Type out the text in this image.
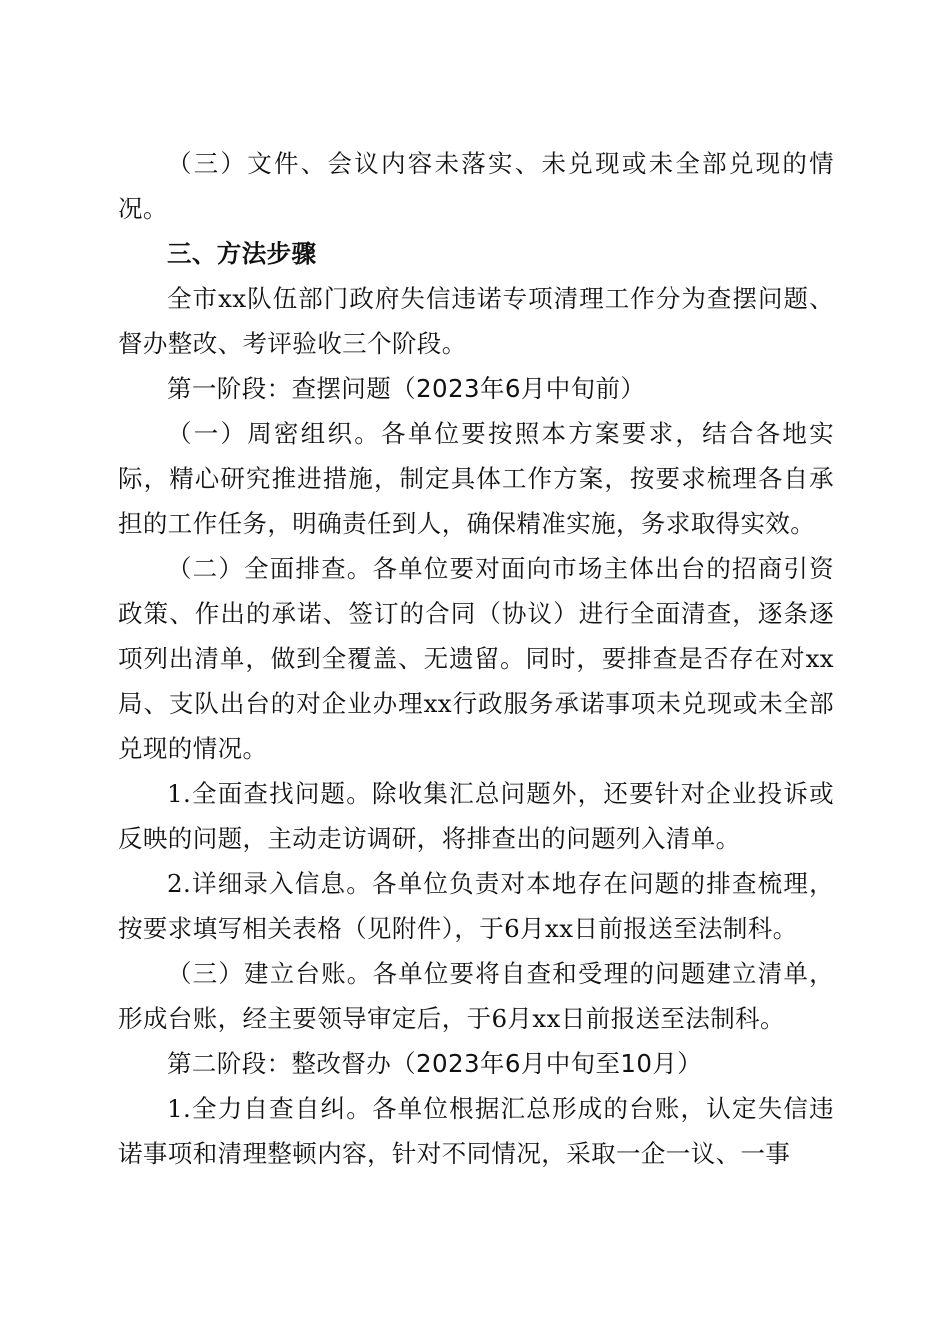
（三）文件、会议内容未落实、未兑现或未全部兑现的情况。

三、方法步骤

全市xx队伍部门政府失信违诺专项清理工作分为查摆问题、督办整改、考评验收三个阶段。

第一阶段：查摆问题（2023年6月中旬前）

（一）周密组织。各单位要按照本方案要求，结合各地实际，精心研究推进措施，制定具体工作方案，按要求梳理各自承担的工作任务，明确责任到人，确保精准实施，务求取得实效。

（二）全面排查。各单位要对面向市场主体出台的招商引资政策、作出的承诺、签订的合同（协议）进行全面清查，逐条逐项列出清单，做到全覆盖、无遗留。同时，要排查是否存在对xx局、支队出台的对企业办理xx行政服务承诺事项未兑现或未全部兑现的情况。

1.全面查找问题。除收集汇总问题外，还要针对企业投诉或反映的问题，主动走访调研，将排查出的问题列入清单。

2.详细录入信息。各单位负责对本地存在问题的排查梳理，按要求填写相关表格（见附件），于6月xx日前报送至法制科。

（三）建立台账。各单位要将自查和受理的问题建立清单，形成台账，经主要领导审定后，于6月xx日前报送至法制科。

第二阶段：整改督办（2023年6月中旬至10月）

1.全力自查自纠。各单位根据汇总形成的台账，认定失信违诺事项和清理整顿内容，针对不同情况，采取一企一议、一事
